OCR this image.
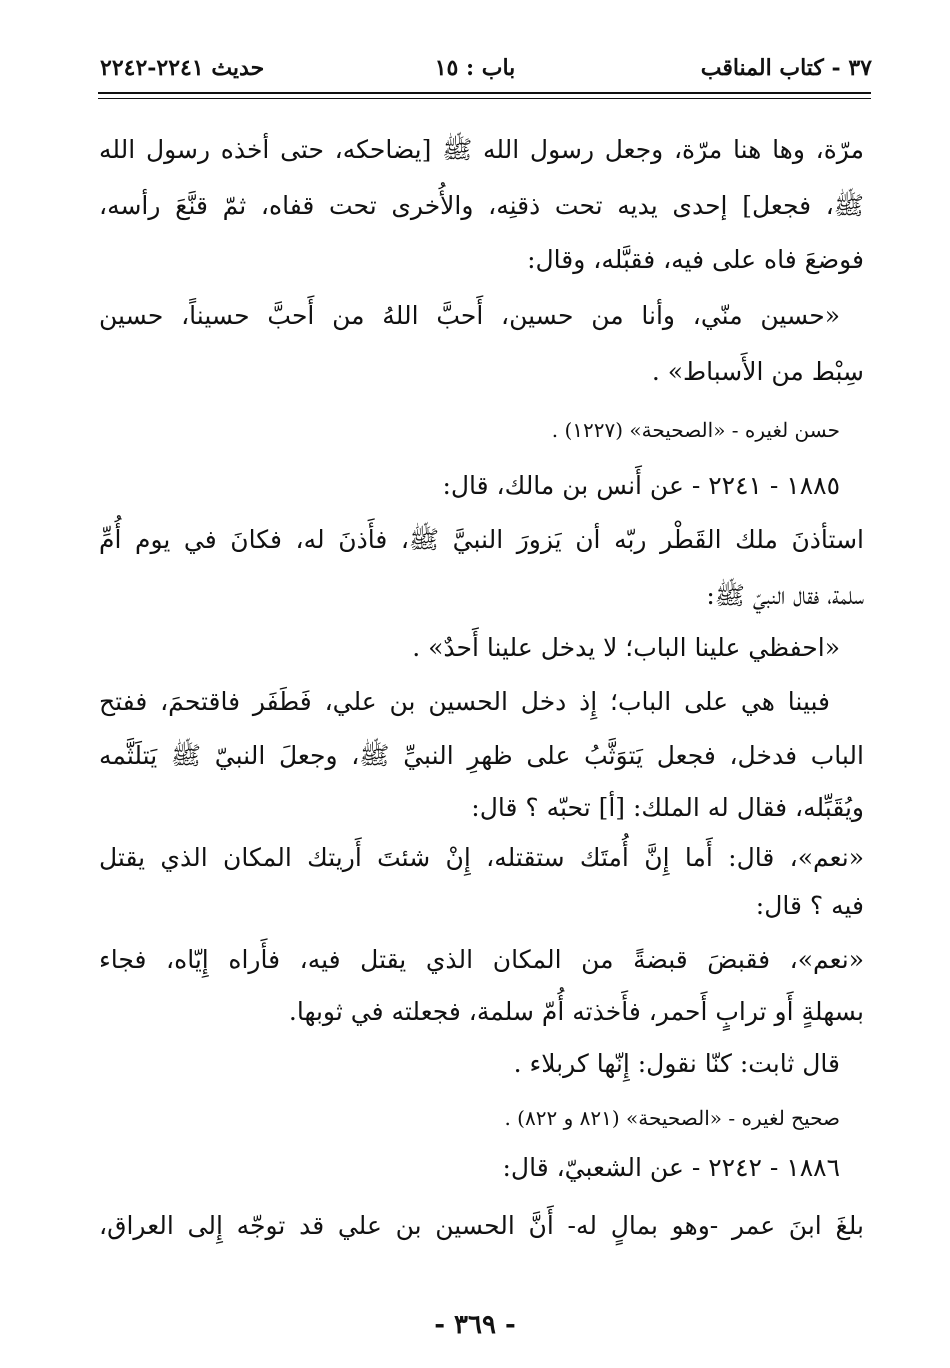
٣٧ - كتاب المناقب
باب : ١٥
حديث ٢٢٤١-٢٢٤٢
مرّة، وها هنا مرّة، وجعل رسول الله ﷺ [يضاحكه، حتى أخذه رسول الله
ﷺ، فجعل] إحدى يديه تحت ذقنِه، والأُخرى تحت قفاه، ثمّ قنَّعَ رأسه،
فوضعَ فاه على فيه، فقبَّله، وقال:
«حسين منّي، وأنا من حسين، أَحبَّ اللهُ من أَحبَّ حسيناً، حسين
سِبْط من الأَسباط» .
حسن لغيره - «الصحيحة» (١٢٢٧) .
١٨٨٥ - ٢٢٤١ - عن أَنس بن مالك، قال:
استأذنَ ملك القَطْر ربّه أن يَزورَ النبيَّ ﷺ، فأَذنَ له، فكانَ في يوم أُمِّ
سلمة، فقال النبيّ ﷺ:
«احفظي علينا الباب؛ لا يدخل علينا أَحدٌ» .
فبينا هي على الباب؛ إِذ دخل الحسين بن علي، فَطَفَر فاقتحمَ، ففتح
الباب فدخل، فجعل يَتوَثَّبُ على ظهرِ النبيِّ ﷺ، وجعلَ النبيّ ﷺ يَتلَثَّمه
ويُقَبِّله، فقال له الملك: [أ] تحبّه ؟ قال:
«نعم»، قال: أَما إِنَّ أُمتَك ستقتله، إِنْ شئتَ أَريتك المكان الذي يقتل
فيه ؟ قال:
«نعم»، فقبضَ قبضةً من المكان الذي يقتل فيه، فأَراه إِيّاه، فجاء
بسهلةٍ أَو ترابٍ أَحمر، فأَخذته أُمّ سلمة، فجعلته في ثوبها.
قال ثابت: كنّا نقول: إِنّها كربلاء .
صحيح لغيره - «الصحيحة» (٨٢١ و ٨٢٢) .
١٨٨٦ - ٢٢٤٢ - عن الشعبيّ، قال:
بلغَ ابنَ عمر -وهو بمالٍ له- أَنَّ الحسين بن علي قد توجّه إِلى العراق،
- ٣٦٩ -
